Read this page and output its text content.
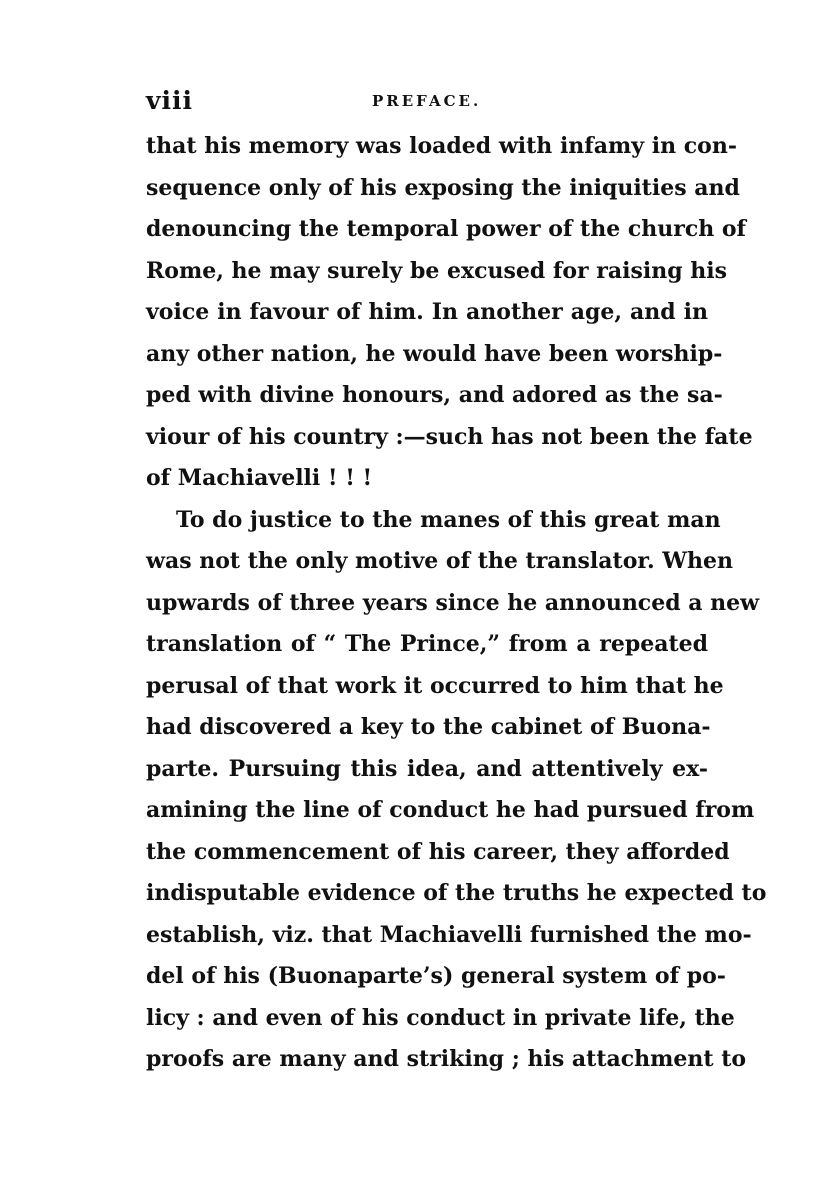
viii	PREFACE.
that his memory was loaded with infamy in con-
sequence only of his exposing the iniquities and
denouncing the temporal power of the church of
Rome, he may surely be excused for raising his
voice in favour of him. In another age, and in
any other nation, he would have been worship-
ped with divine honours, and adored as the sa-
viour of his country :—such has not been the fate
of Machiavelli ! ! !
To do justice to the manes of this great man
was not the only motive of the translator. When
upwards of three years since he announced a new
translation of “ The Prince,” from a repeated
perusal of that work it occurred to him that he
had discovered a key to the cabinet of Buona-
parte. Pursuing this idea, and attentively ex-
amining the line of conduct he had pursued from
the commencement of his career, they afforded
indisputable evidence of the truths he expected to
establish, viz. that Machiavelli furnished the mo-
del of his (Buonaparte’s) general system of po-
licy : and even of his conduct in private life, the
proofs are many and striking ; his attachment to
